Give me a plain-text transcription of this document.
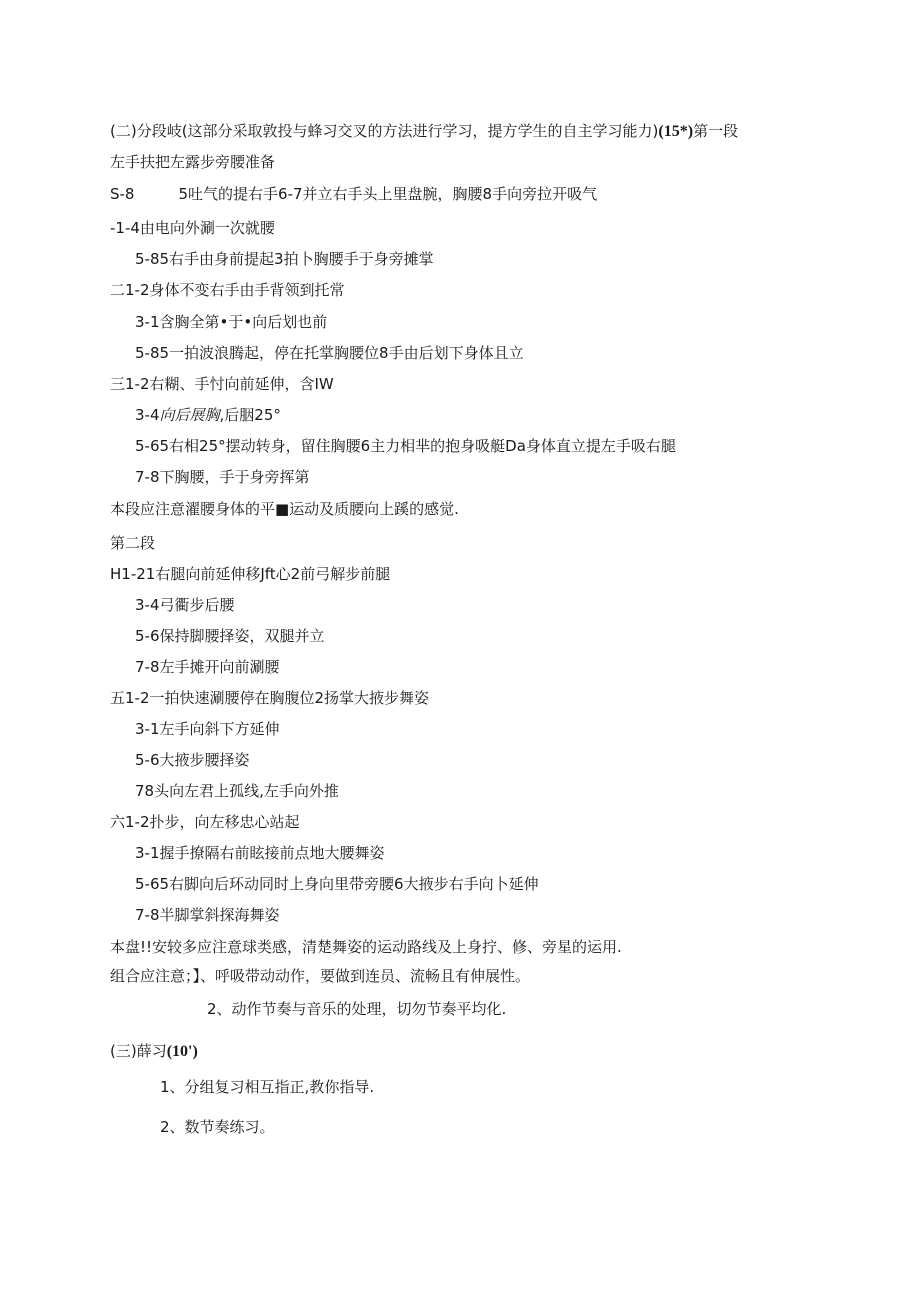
(二)分段岐(这部分采取敦投与蜂习交叉的方法进行学习，提方学生的自主学习能力)(15*)第一段
左手扶把左露步旁腰准备
S-8	5吐气的提右手6-7并立右手头上里盘腕，胸腰8手向旁拉开吸气
-1-4由电向外涮一次就腰
5-85右手由身前提起3拍卜胸腰手于身旁摊掌
二1-2身体不变右手由手背领到托常
3-1含胸全第•于•向后划也前
5-85一拍波浪腾起，停在托掌胸腰位8手由后划下身体且立
三1-2右糊、手忖向前延伸，含IW
3-4向后展胸,后胭25°
5-65右相25°摆动转身，留住胸腰6主力相芈的抱身吸艇Da身体直立提左手吸右腿
7-8下胸腰，手于身旁挥第
本段应注意濯腰身体的平■运动及质腰向上蹊的感觉.
第二段
H1-21右腿向前延伸移Jft心2前弓解步前腿
3-4弓衢步后腰
5-6保持脚腰择姿，双腿并立
7-8左手摊开向前涮腰
五1-2一拍快速涮腰停在胸腹位2扬掌大掖步舞姿
3-1左手向斜下方延伸
5-6大掖步腰择姿
78头向左君上孤线,左手向外推
六1-2扑步，向左移忠心站起
3-1握手撩隔右前眩接前点地大腰舞姿
5-65右脚向后环动同时上身向里带旁腰6大掖步右手向卜延伸
7-8半脚掌斜探海舞姿
本盘!!安较多应注意球类感，清楚舞姿的运动路线及上身拧、修、旁星的运用.
组合应注意；】、呼吸带动动作，要做到连员、流畅且有伸展性。
2、动作节奏与音乐的处理，切勿节奏平均化.
(三)薛习(10')
1、分组复习相互指正,教你指导.
2、数节奏练习。
